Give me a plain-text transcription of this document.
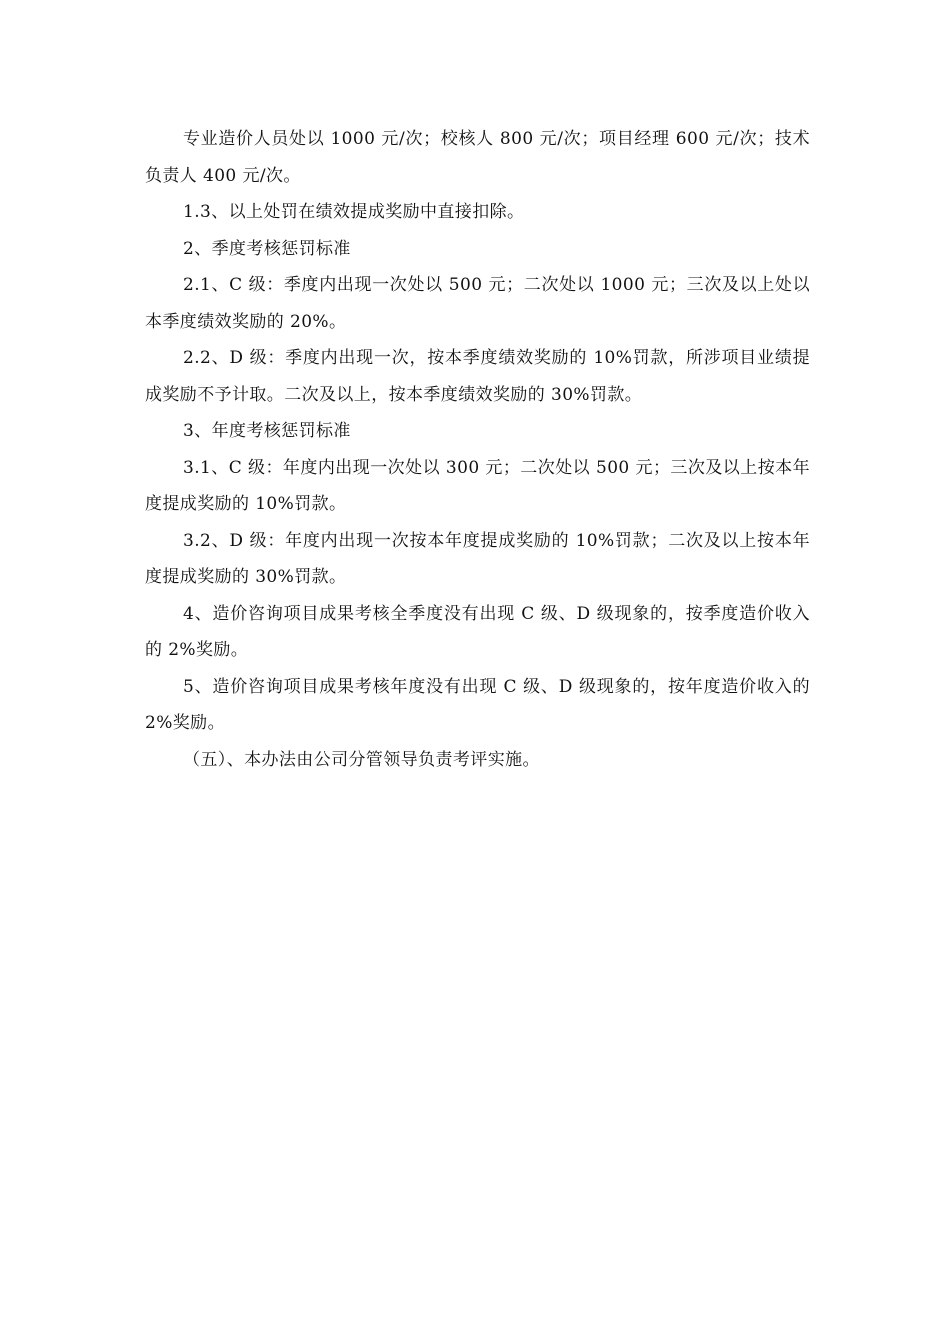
专业造价人员处以 1000 元/次；校核人 800 元/次；项目经理 600 元/次；技术负责人 400 元/次。

1.3、以上处罚在绩效提成奖励中直接扣除。

2、季度考核惩罚标准

2.1、C 级：季度内出现一次处以 500 元；二次处以 1000 元；三次及以上处以本季度绩效奖励的 20%。

2.2、D 级：季度内出现一次，按本季度绩效奖励的 10%罚款，所涉项目业绩提成奖励不予计取。二次及以上，按本季度绩效奖励的 30%罚款。

3、年度考核惩罚标准

3.1、C 级：年度内出现一次处以 300 元；二次处以 500 元；三次及以上按本年度提成奖励的 10%罚款。

3.2、D 级：年度内出现一次按本年度提成奖励的 10%罚款；二次及以上按本年度提成奖励的 30%罚款。

4、造价咨询项目成果考核全季度没有出现 C 级、D 级现象的，按季度造价收入的 2%奖励。

5、造价咨询项目成果考核年度没有出现 C 级、D 级现象的，按年度造价收入的 2%奖励。

（五）、本办法由公司分管领导负责考评实施。
